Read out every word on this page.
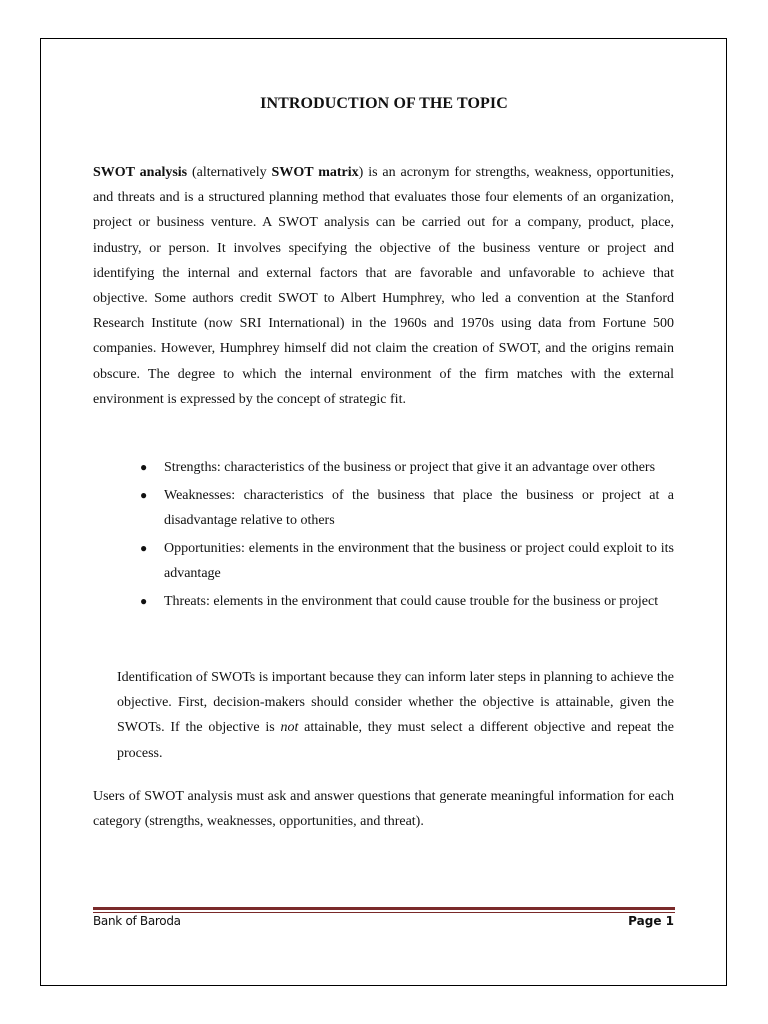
INTRODUCTION OF THE TOPIC

SWOT analysis (alternatively SWOT matrix) is an acronym for strengths, weakness, opportunities, and threats and is a structured planning method that evaluates those four elements of an organization, project or business venture. A SWOT analysis can be carried out for a company, product, place, industry, or person. It involves specifying the objective of the business venture or project and identifying the internal and external factors that are favorable and unfavorable to achieve that objective. Some authors credit SWOT to Albert Humphrey, who led a convention at the Stanford Research Institute (now SRI International) in the 1960s and 1970s using data from Fortune 500 companies. However, Humphrey himself did not claim the creation of SWOT, and the origins remain obscure. The degree to which the internal environment of the firm matches with the external environment is expressed by the concept of strategic fit.

● Strengths: characteristics of the business or project that give it an advantage over others
● Weaknesses: characteristics of the business that place the business or project at a disadvantage relative to others
● Opportunities: elements in the environment that the business or project could exploit to its advantage
● Threats: elements in the environment that could cause trouble for the business or project

Identification of SWOTs is important because they can inform later steps in planning to achieve the objective. First, decision-makers should consider whether the objective is attainable, given the SWOTs. If the objective is not attainable, they must select a different objective and repeat the process.

Users of SWOT analysis must ask and answer questions that generate meaningful information for each category (strengths, weaknesses, opportunities, and threat).

Bank of Baroda	Page 1
